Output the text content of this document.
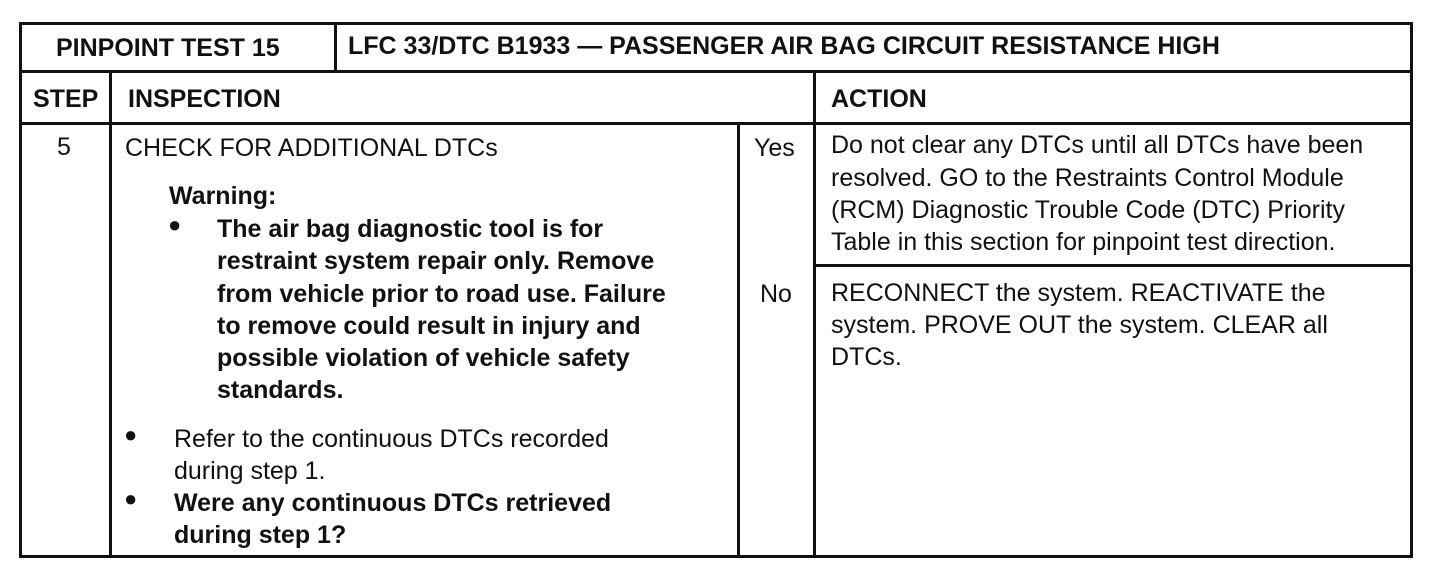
PINPOINT TEST 15	LFC 33/DTC B1933 — PASSENGER AIR BAG CIRCUIT RESISTANCE HIGH
STEP INSPECTION	ACTION
5 CHECK FOR ADDITIONAL DTCs
Warning:
● The air bag diagnostic tool is for
restraint system repair only. Remove
from vehicle prior to road use. Failure
to remove could result in injury and
possible violation of vehicle safety
standards.
● Refer to the continuous DTCs recorded
during step 1.
● Were any continuous DTCs retrieved
during step 1?
Yes
No
Do not clear any DTCs until all DTCs have been
resolved. GO to the Restraints Control Module
(RCM) Diagnostic Trouble Code (DTC) Priority
Table in this section for pinpoint test direction.
RECONNECT the system. REACTIVATE the
system. PROVE OUT the system. CLEAR all
DTCs.
